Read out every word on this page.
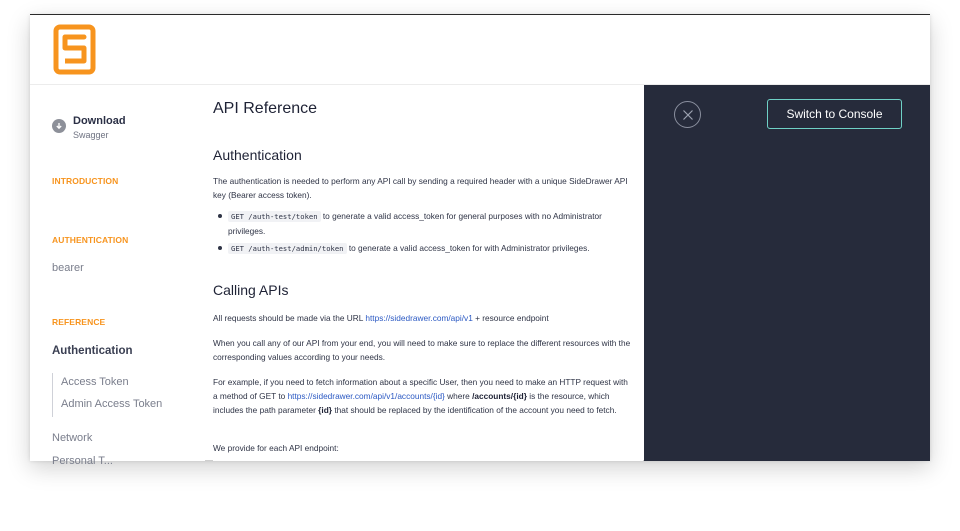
Download
Swagger
INTRODUCTION
AUTHENTICATION
bearer
REFERENCE
Authentication
Access Token
Admin Access Token
Network
Personal T...
API Reference
Authentication
The authentication is needed to perform any API call by sending a required header with a unique SideDrawer API key (Bearer access token).
GET /auth-test/token to generate a valid access_token for general purposes with no Administrator privileges.
GET /auth-test/admin/token to generate a valid access_token for with Administrator privileges.
Calling APIs
All requests should be made via the URL https://sidedrawer.com/api/v1 + resource endpoint
When you call any of our API from your end, you will need to make sure to replace the different resources with the corresponding values according to your needs.
For example, if you need to fetch information about a specific User, then you need to make an HTTP request with a method of GET to https://sidedrawer.com/api/v1/accounts/{id} where /accounts/{id} is the resource, which includes the path parameter {id} that should be replaced by the identification of the account you need to fetch.
We provide for each API endpoint:
Switch to Console
